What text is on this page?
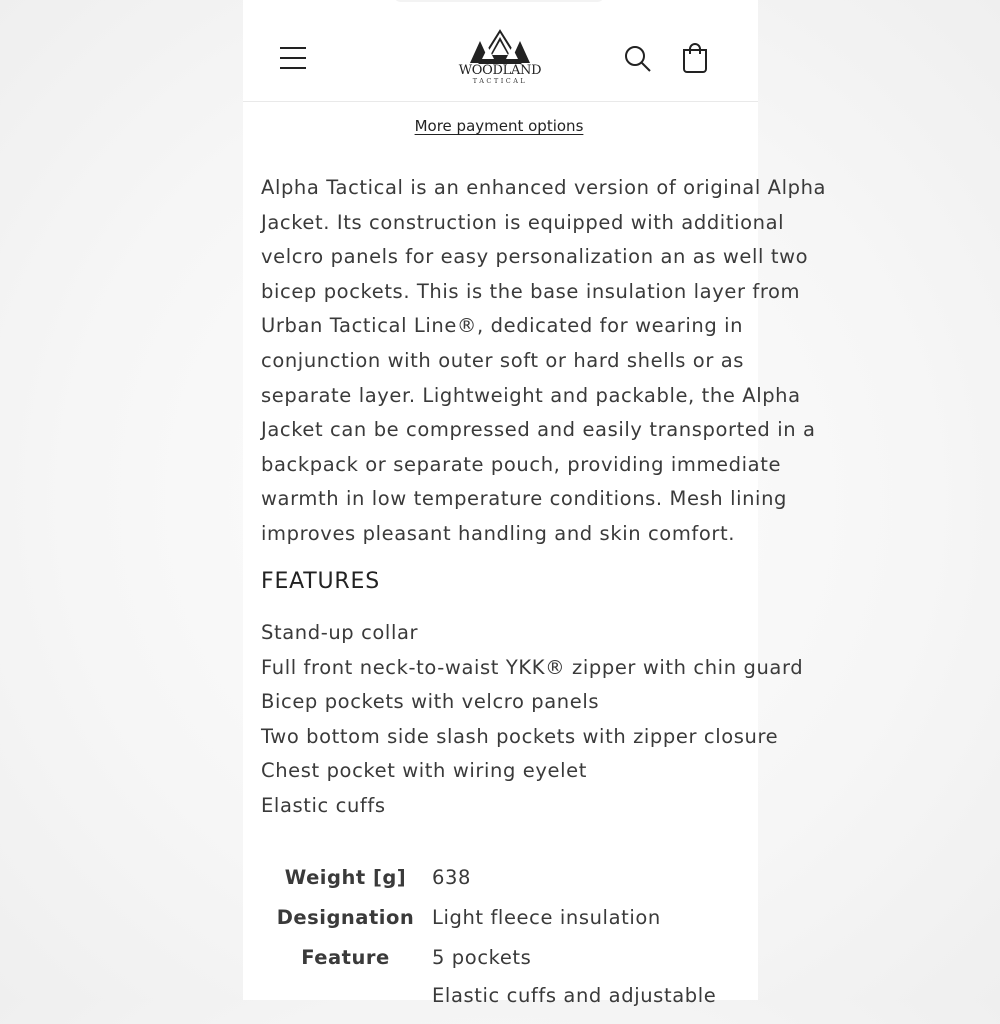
WOODLAND
TACTICAL
More payment options

Alpha Tactical is an enhanced version of original Alpha
Jacket. Its construction is equipped with additional
velcro panels for easy personalization an as well two
bicep pockets. This is the base insulation layer from
Urban Tactical Line®, dedicated for wearing in
conjunction with outer soft or hard shells or as
separate layer. Lightweight and packable, the Alpha
Jacket can be compressed and easily transported in a
backpack or separate pouch, providing immediate
warmth in low temperature conditions. Mesh lining
improves pleasant handling and skin comfort.

FEATURES
Stand-up collar
Full front neck-to-waist YKK® zipper with chin guard
Bicep pockets with velcro panels
Two bottom side slash pockets with zipper closure
Chest pocket with wiring eyelet
Elastic cuffs
Weight [g]	638
Designation Light fleece insulation
Feature	5 pockets
Elastic cuffs and adjustable
